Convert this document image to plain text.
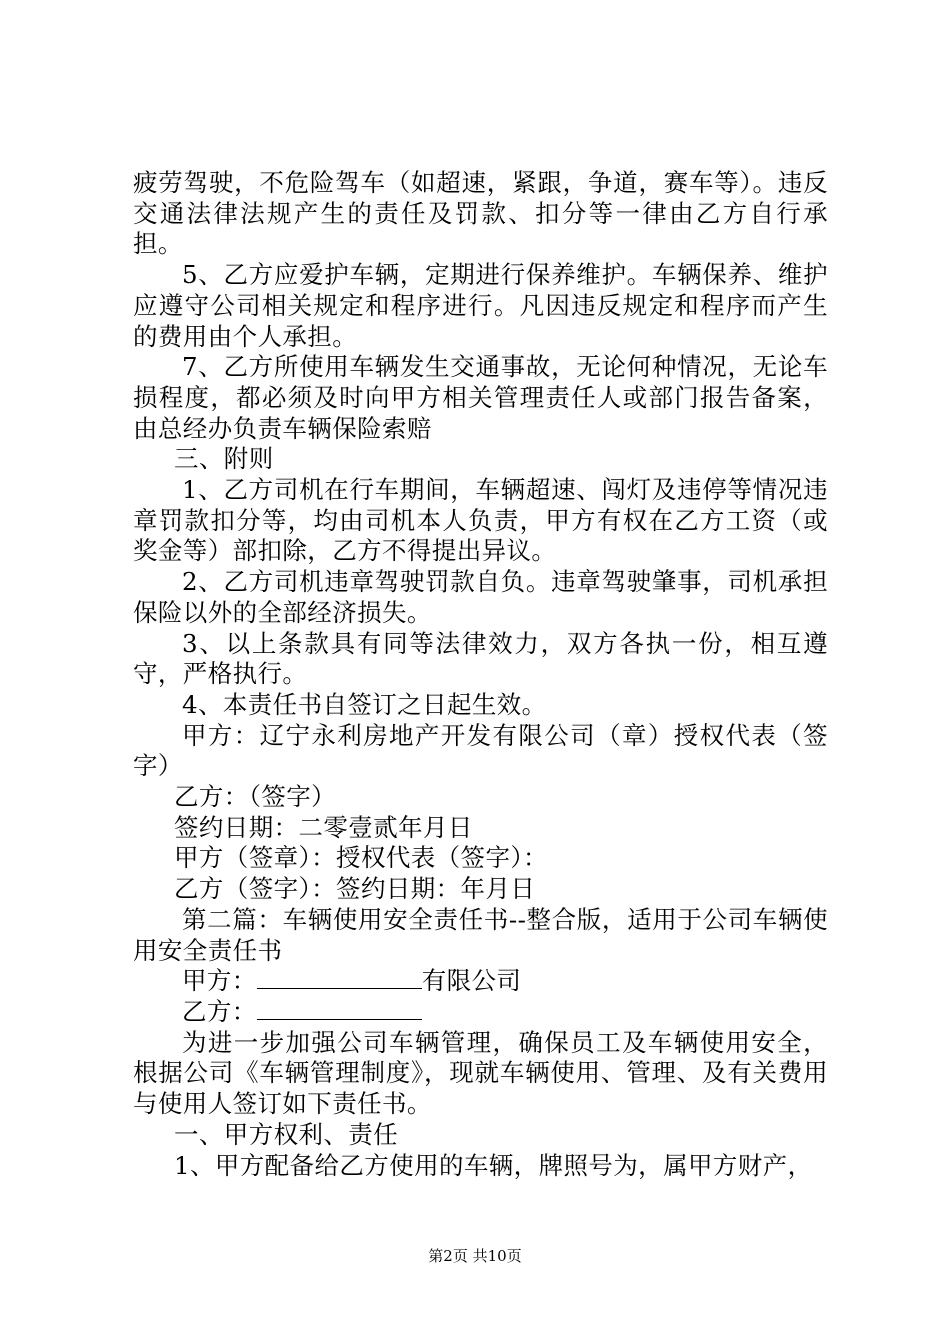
疲劳驾驶，不危险驾车（如超速，紧跟，争道，赛车等）。违反交通法律法规产生的责任及罚款、扣分等一律由乙方自行承担。

5、乙方应爱护车辆，定期进行保养维护。车辆保养、维护应遵守公司相关规定和程序进行。凡因违反规定和程序而产生的费用由个人承担。

7、乙方所使用车辆发生交通事故，无论何种情况，无论车损程度，都必须及时向甲方相关管理责任人或部门报告备案，由总经办负责车辆保险索赔

三、附则

1、乙方司机在行车期间，车辆超速、闯灯及违停等情况违章罚款扣分等，均由司机本人负责，甲方有权在乙方工资（或奖金等）部扣除，乙方不得提出异议。

2、乙方司机违章驾驶罚款自负。违章驾驶肇事，司机承担保险以外的全部经济损失。

3、以上条款具有同等法律效力，双方各执一份，相互遵守，严格执行。

4、本责任书自签订之日起生效。

甲方：辽宁永利房地产开发有限公司（章）授权代表（签字）

乙方：（签字）

签约日期：二零壹贰年月日

甲方（签章）：授权代表（签字）：

乙方（签字）：签约日期：年月日

第二篇：车辆使用安全责任书--整合版，适用于公司车辆使用安全责任书

甲方：	有限公司

乙方：

为进一步加强公司车辆管理，确保员工及车辆使用安全，根据公司《车辆管理制度》，现就车辆使用、管理、及有关费用与使用人签订如下责任书。

一、甲方权利、责任

1、甲方配备给乙方使用的车辆，牌照号为，属甲方财产，

第2页 共10页
